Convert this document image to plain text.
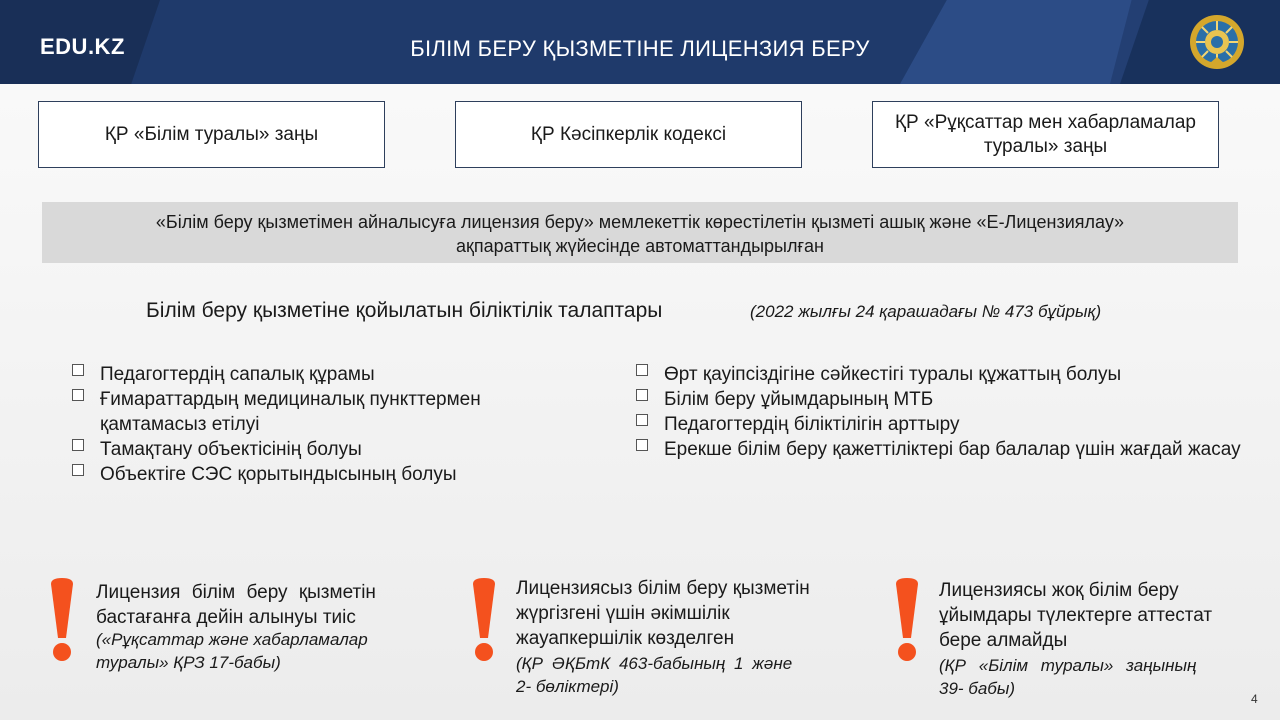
EDU.KZ	БІЛІМ БЕРУ ҚЫЗМЕТІНЕ ЛИЦЕНЗИЯ БЕРУ
ҚР «Білім туралы» заңы	ҚР Кәсіпкерлік кодексі
ҚР «Рұқсаттар мен хабарламалар туралы» заңы
«Білім беру қызметімен айналысуға лицензия беру» мемлекеттік көрестілетін қызметі ашық және «Е-Лицензиялау»
ақпараттық жүйесінде автоматтандырылған
Білім беру қызметіне қойылатын біліктілік талаптары	(2022 жылғы 24 қарашадағы № 473 бұйрық)
Педагогтердің сапалық құрамы
Ғимараттардың медициналық пункттермен қамтамасыз етілуі
Тамақтану объектісінің болуы
Объектіге СЭС қорытындысының болуы
Өрт қауіпсіздігіне сәйкестігі туралы құжаттың болуы
Білім беру ұйымдарының МТБ
Педагогтердің біліктілігін арттыру
Ерекше білім беру қажеттіліктері бар балалар үшін жағдай жасау
Лицензия білім беру қызметін
бастағанға дейін алынуы тиіс
(«Рұқсаттар және хабарламалар
туралы» ҚРЗ 17-бабы)
Лицензиясыз білім беру қызметін
жүргізгені үшін әкімшілік
жауапкершілік көзделген
(ҚР ӘҚБтК 463-бабының 1 және
2- бөліктері)
Лицензиясы жоқ білім беру
ұйымдары түлектерге аттестат
бере алмайды
(ҚР «Білім туралы» заңының
39- бабы)
4
